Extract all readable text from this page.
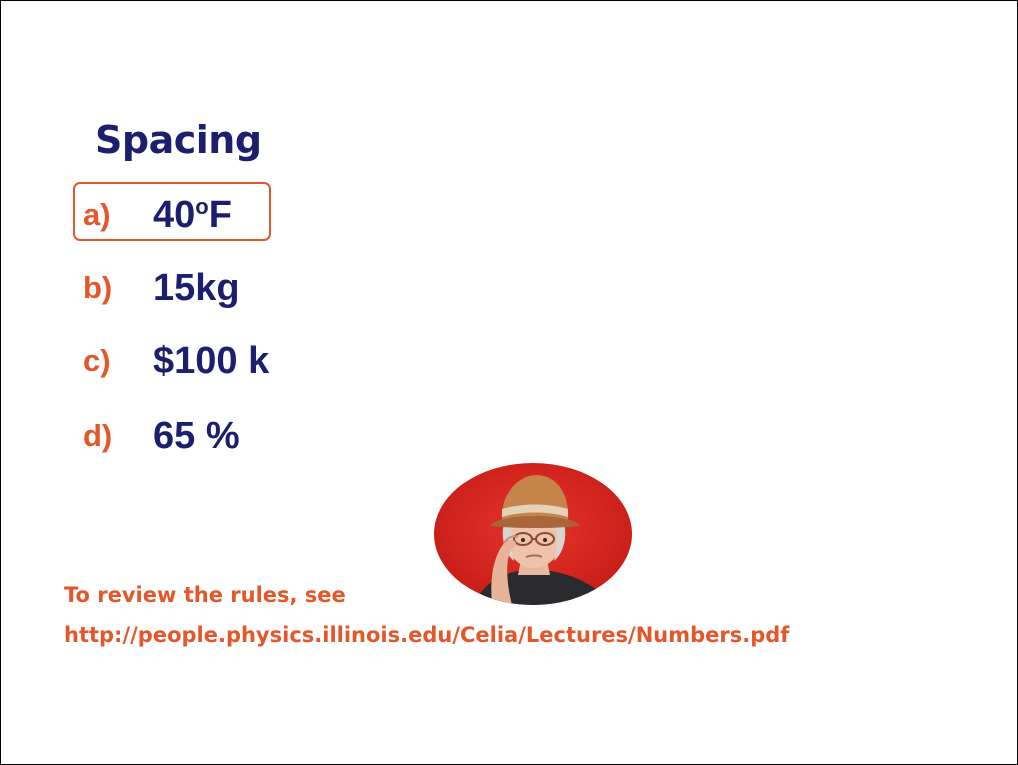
Spacing
a)	40$^o$F
b)	15kg
c)	$100 k
d)	65 %
To review the rules, see
http://people.physics.illinois.edu/Celia/Lectures/Numbers.pdf
